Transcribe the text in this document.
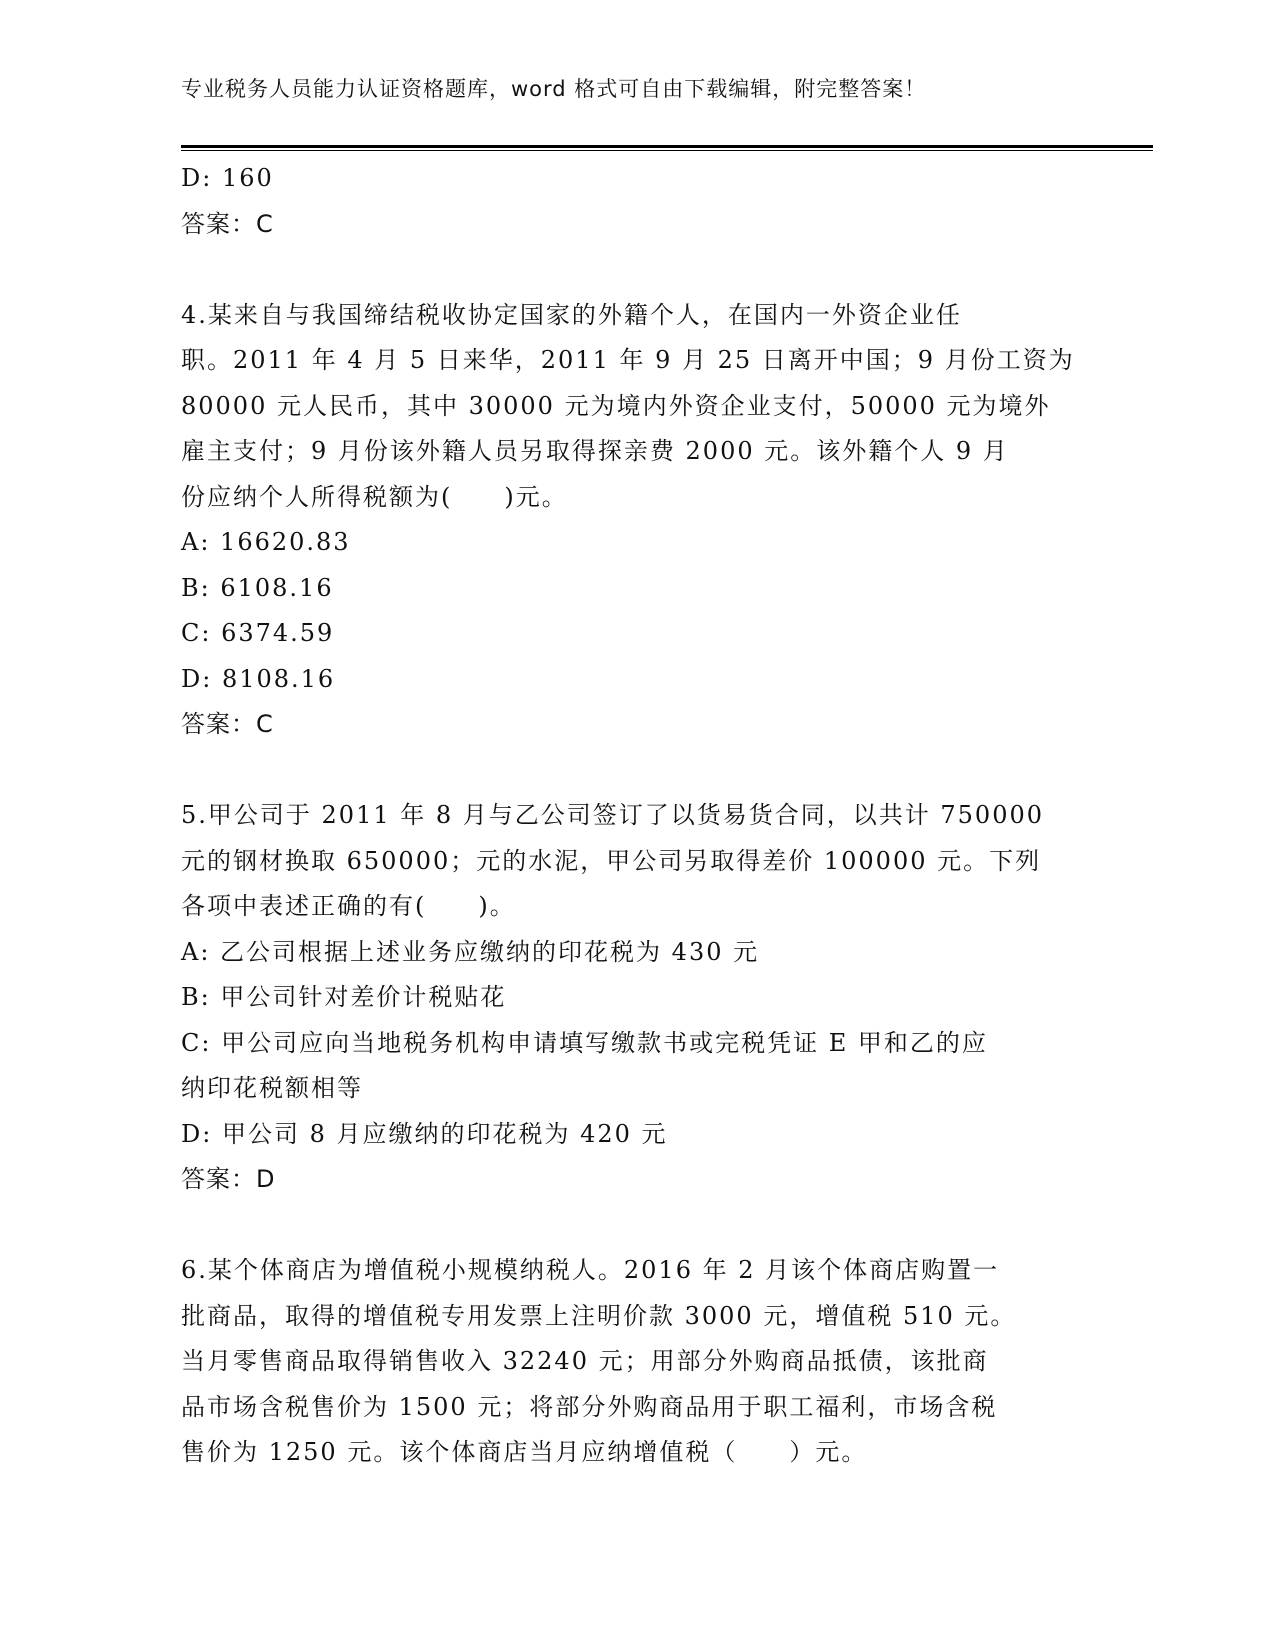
专业税务人员能力认证资格题库，word 格式可自由下载编辑，附完整答案！
D: 160
答案：C
4.某来自与我国缔结税收协定国家的外籍个人，在国内一外资企业任
职。2011 年 4 月 5 日来华，2011 年 9 月 25 日离开中国；9 月份工资为
80000 元人民币，其中 30000 元为境内外资企业支付，50000 元为境外
雇主支付；9 月份该外籍人员另取得探亲费 2000 元。该外籍个人 9 月
份应纳个人所得税额为(　　)元。
A: 16620.83
B: 6108.16
C: 6374.59
D: 8108.16
答案：C
5.甲公司于 2011 年 8 月与乙公司签订了以货易货合同，以共计 750000
元的钢材换取 650000；元的水泥，甲公司另取得差价 100000 元。下列
各项中表述正确的有(　　)。
A: 乙公司根据上述业务应缴纳的印花税为 430 元
B: 甲公司针对差价计税贴花
C: 甲公司应向当地税务机构申请填写缴款书或完税凭证 E 甲和乙的应
纳印花税额相等
D: 甲公司 8 月应缴纳的印花税为 420 元
答案：D
6.某个体商店为增值税小规模纳税人。2016 年 2 月该个体商店购置一
批商品，取得的增值税专用发票上注明价款 3000 元，增值税 510 元。
当月零售商品取得销售收入 32240 元；用部分外购商品抵债，该批商
品市场含税售价为 1500 元；将部分外购商品用于职工福利，市场含税
售价为 1250 元。该个体商店当月应纳增值税（　　）元。
